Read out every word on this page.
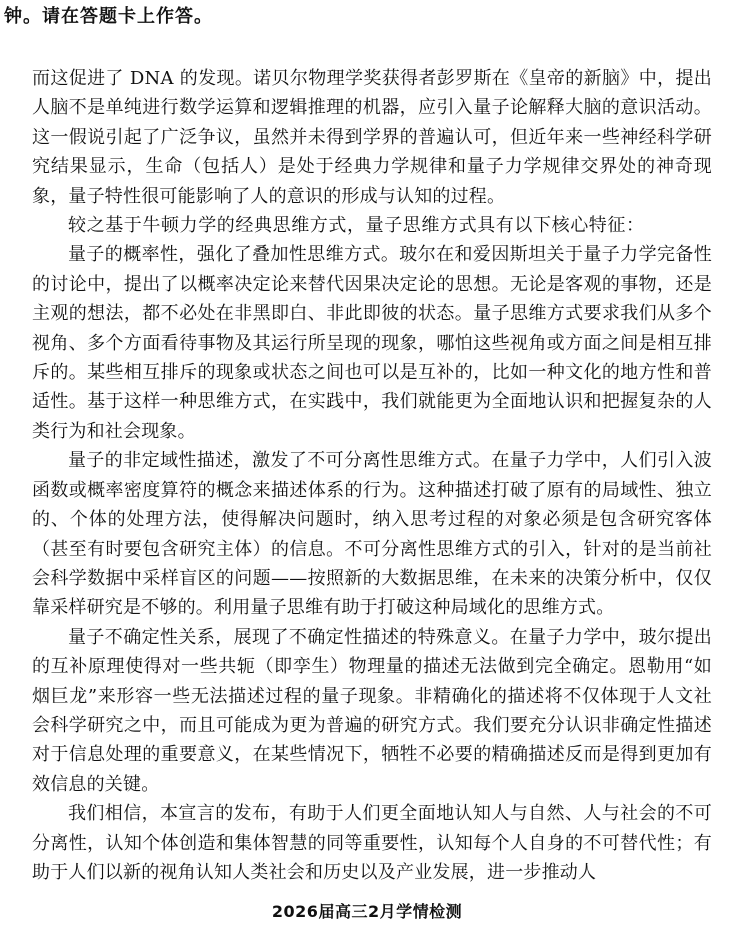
钟。请在答题卡上作答。

而这促进了 DNA 的发现。诺贝尔物理学奖获得者彭罗斯在《皇帝的新脑》中，提出人脑不是单纯进行数学运算和逻辑推理的机器，应引入量子论解释大脑的意识活动。这一假说引起了广泛争议，虽然并未得到学界的普遍认可，但近年来一些神经科学研究结果显示，生命（包括人）是处于经典力学规律和量子力学规律交界处的神奇现象，量子特性很可能影响了人的意识的形成与认知的过程。

较之基于牛顿力学的经典思维方式，量子思维方式具有以下核心特征：

量子的概率性，强化了叠加性思维方式。玻尔在和爱因斯坦关于量子力学完备性的讨论中，提出了以概率决定论来替代因果决定论的思想。无论是客观的事物，还是主观的想法，都不必处在非黑即白、非此即彼的状态。量子思维方式要求我们从多个视角、多个方面看待事物及其运行所呈现的现象，哪怕这些视角或方面之间是相互排斥的。某些相互排斥的现象或状态之间也可以是互补的，比如一种文化的地方性和普适性。基于这样一种思维方式，在实践中，我们就能更为全面地认识和把握复杂的人类行为和社会现象。

量子的非定域性描述，激发了不可分离性思维方式。在量子力学中，人们引入波函数或概率密度算符的概念来描述体系的行为。这种描述打破了原有的局域性、独立的、个体的处理方法，使得解决问题时，纳入思考过程的对象必须是包含研究客体（甚至有时要包含研究主体）的信息。不可分离性思维方式的引入，针对的是当前社会科学数据中采样盲区的问题——按照新的大数据思维，在未来的决策分析中，仅仅靠采样研究是不够的。利用量子思维有助于打破这种局域化的思维方式。

量子不确定性关系，展现了不确定性描述的特殊意义。在量子力学中，玻尔提出的互补原理使得对一些共轭（即孪生）物理量的描述无法做到完全确定。恩勒用“如烟巨龙”来形容一些无法描述过程的量子现象。非精确化的描述将不仅体现于人文社会科学研究之中，而且可能成为更为普遍的研究方式。我们要充分认识非确定性描述对于信息处理的重要意义，在某些情况下，牺牲不必要的精确描述反而是得到更加有效信息的关键。

我们相信，本宣言的发布，有助于人们更全面地认知人与自然、人与社会的不可分离性，认知个体创造和集体智慧的同等重要性，认知每个人自身的不可替代性；有助于人们以新的视角认知人类社会和历史以及产业发展，进一步推动人

2026届高三2月学情检测
